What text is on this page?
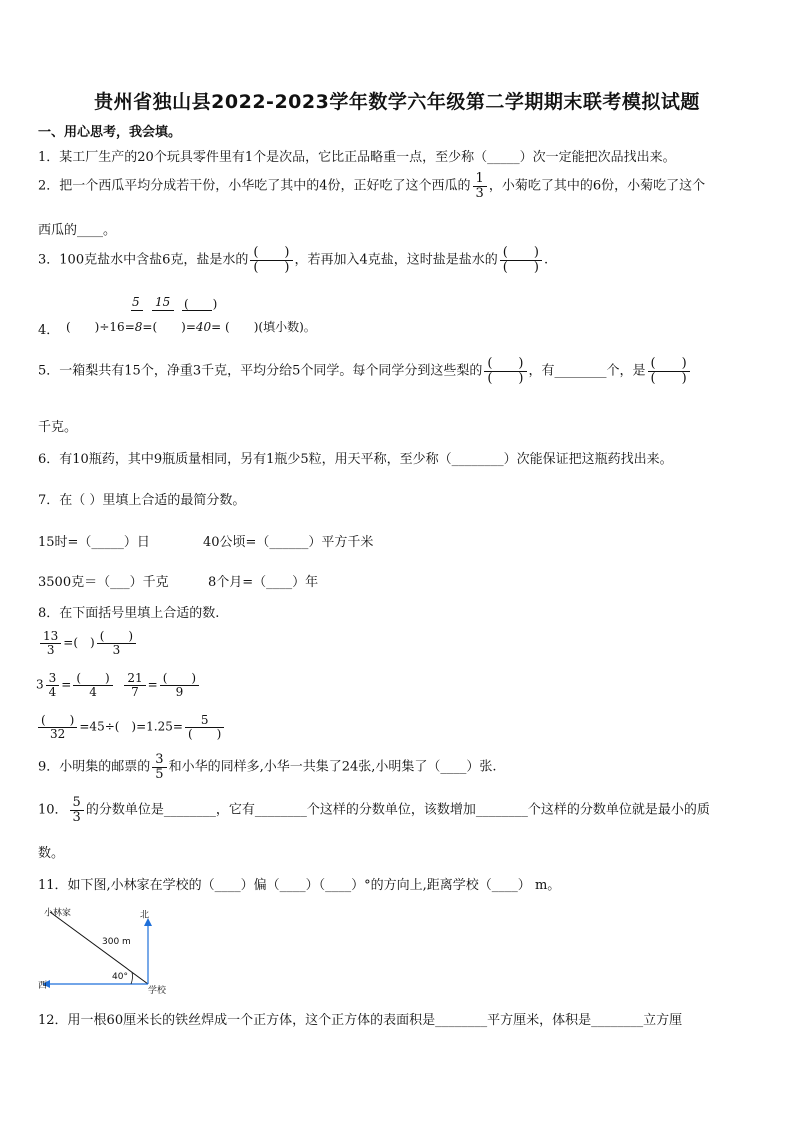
贵州省独山县2022-2023学年数学六年级第二学期期末联考模拟试题
一、用心思考，我会填。
1．某工厂生产的20个玩具零件里有1个是次品，它比正品略重一点，至少称（_____）次一定能把次品找出来。
2．把一个西瓜平均分成若干份，小华吃了其中的4份，正好吃了这个西瓜的 $\frac{1}{3}$ ，小菊吃了其中的6份，小菊吃了这个
西瓜的____。
3．100克盐水中含盐6克，盐是水的 $\frac{( )}{( )}$ ，若再加入4克盐，这时盐是盐水的 $\frac{( )}{( )}$ .
5 15 (　　)
4． (　　)÷16=8=(　　)=40= (　　)(填小数)。
5．一箱梨共有15个，净重3千克，平均分给5个同学。每个同学分到这些梨的 $\frac{( )}{( )}$ ，有________个，是 $\frac{( )}{( )}$
千克。
6．有10瓶药，其中9瓶质量相同，另有1瓶少5粒，用天平称，至少称（________）次能保证把这瓶药找出来。
7．在（ ）里填上合适的最简分数。
15时=（_____）日	40公顷=（______）平方千米
3500克＝（___）千克	8个月=（____）年
8．在下面括号里填上合适的数.
$\frac{13}{3}$ =(　) $\frac{( )}{3}$
$3 \frac{3}{4} = \frac{( )}{4}$
$\frac{21}{7} = \frac{( )}{9}$
$\frac{( )}{32} =45\div$(　)$=1.25= \frac{5}{( )}$
9．小明集的邮票的 $\frac{3}{5}$ 和小华的同样多,小华一共集了24张,小明集了（____）张.
10． $\frac{5}{3}$ 的分数单位是________，它有________个这样的分数单位，该数增加________个这样的分数单位就是最小的质
数。
11．如下图,小林家在学校的（____）偏（____）（____）°的方向上,距离学校（____） m。
小林家	北
西	学校
300 m
40°
12．用一根60厘米长的铁丝焊成一个正方体，这个正方体的表面积是________平方厘米，体积是________立方厘
